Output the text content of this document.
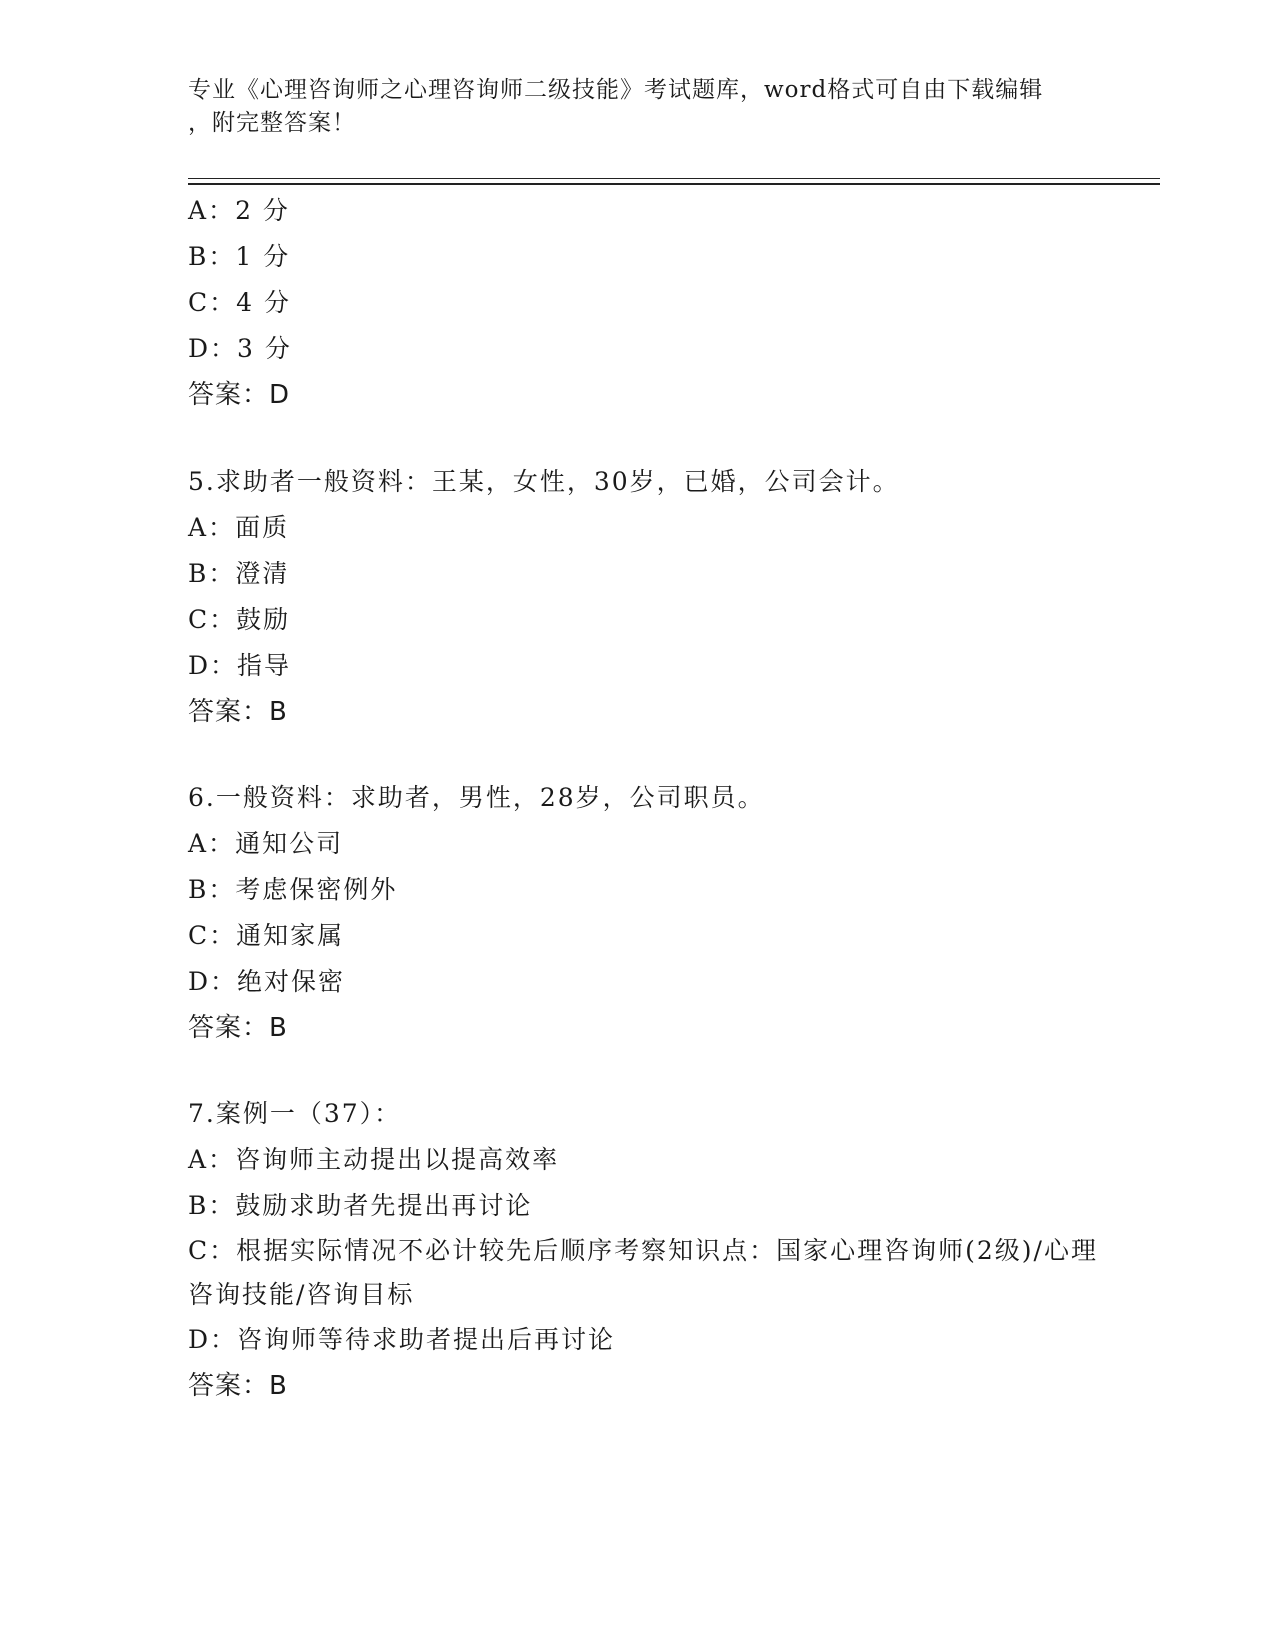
专业《心理咨询师之心理咨询师二级技能》考试题库，word格式可自由下载编辑
，附完整答案！
A：2 分
B：1 分
C：4 分
D：3 分
答案：D
5.求助者一般资料：王某，女性，30岁，已婚，公司会计。
A：面质
B：澄清
C：鼓励
D：指导
答案：B
6.一般资料：求助者，男性，28岁，公司职员。
A：通知公司
B：考虑保密例外
C：通知家属
D：绝对保密
答案：B
7.案例一（37）：
A：咨询师主动提出以提高效率
B：鼓励求助者先提出再讨论
C：根据实际情况不必计较先后顺序考察知识点：国家心理咨询师(2级)/心理咨询技能/咨询目标
D：咨询师等待求助者提出后再讨论
答案：B
